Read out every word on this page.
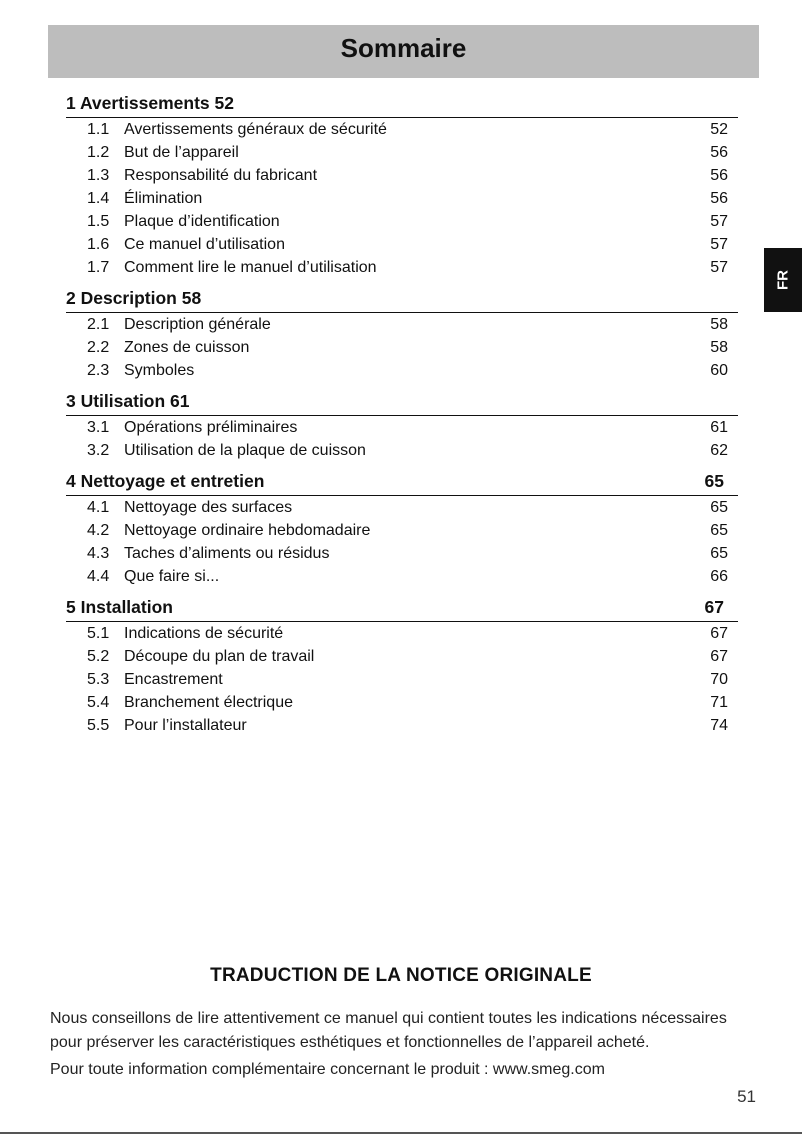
Sommaire
FR
1 Avertissements 52
1.1 Avertissements généraux de sécurité	52
1.2 But de l’appareil	56
1.3 Responsabilité du fabricant	56
1.4 Élimination	56
1.5 Plaque d’identification	57
1.6 Ce manuel d’utilisation	57
1.7 Comment lire le manuel d’utilisation	57
2 Description 58
2.1 Description générale	58
2.2 Zones de cuisson	58
2.3 Symboles	60
3 Utilisation 61
3.1 Opérations préliminaires	61
3.2 Utilisation de la plaque de cuisson	62
4 Nettoyage et entretien	65
4.1 Nettoyage des surfaces	65
4.2 Nettoyage ordinaire hebdomadaire	65
4.3 Taches d’aliments ou résidus	65
4.4 Que faire si...	66
5 Installation	67
5.1 Indications de sécurité	67
5.2 Découpe du plan de travail	67
5.3 Encastrement	70
5.4 Branchement électrique	71
5.5 Pour l’installateur	74
TRADUCTION DE LA NOTICE ORIGINALE

Nous conseillons de lire attentivement ce manuel qui contient toutes les indications nécessaires pour préserver les caractéristiques esthétiques et fonctionnelles de l’appareil acheté.

Pour toute information complémentaire concernant le produit : www.smeg.com

51
